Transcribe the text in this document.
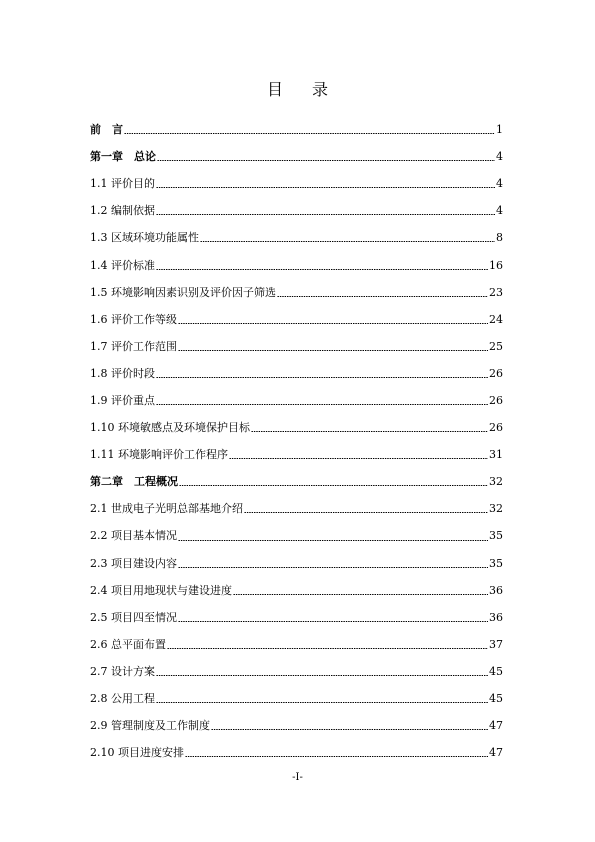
目 录
前　言	1
第一章　总论	4
1.1 评价目的	4
1.2 编制依据	4
1.3 区域环境功能属性	8
1.4 评价标准	16
1.5 环境影响因素识别及评价因子筛选	23
1.6 评价工作等级	24
1.7 评价工作范围	25
1.8 评价时段	26
1.9 评价重点	26
1.10 环境敏感点及环境保护目标	26
1.11 环境影响评价工作程序	31
第二章　工程概况	32
2.1 世成电子光明总部基地介绍	32
2.2 项目基本情况	35
2.3 项目建设内容	35
2.4 项目用地现状与建设进度	36
2.5 项目四至情况	36
2.6 总平面布置	37
2.7 设计方案	45
2.8 公用工程	45
2.9 管理制度及工作制度	47
2.10 项目进度安排	47
-I-
